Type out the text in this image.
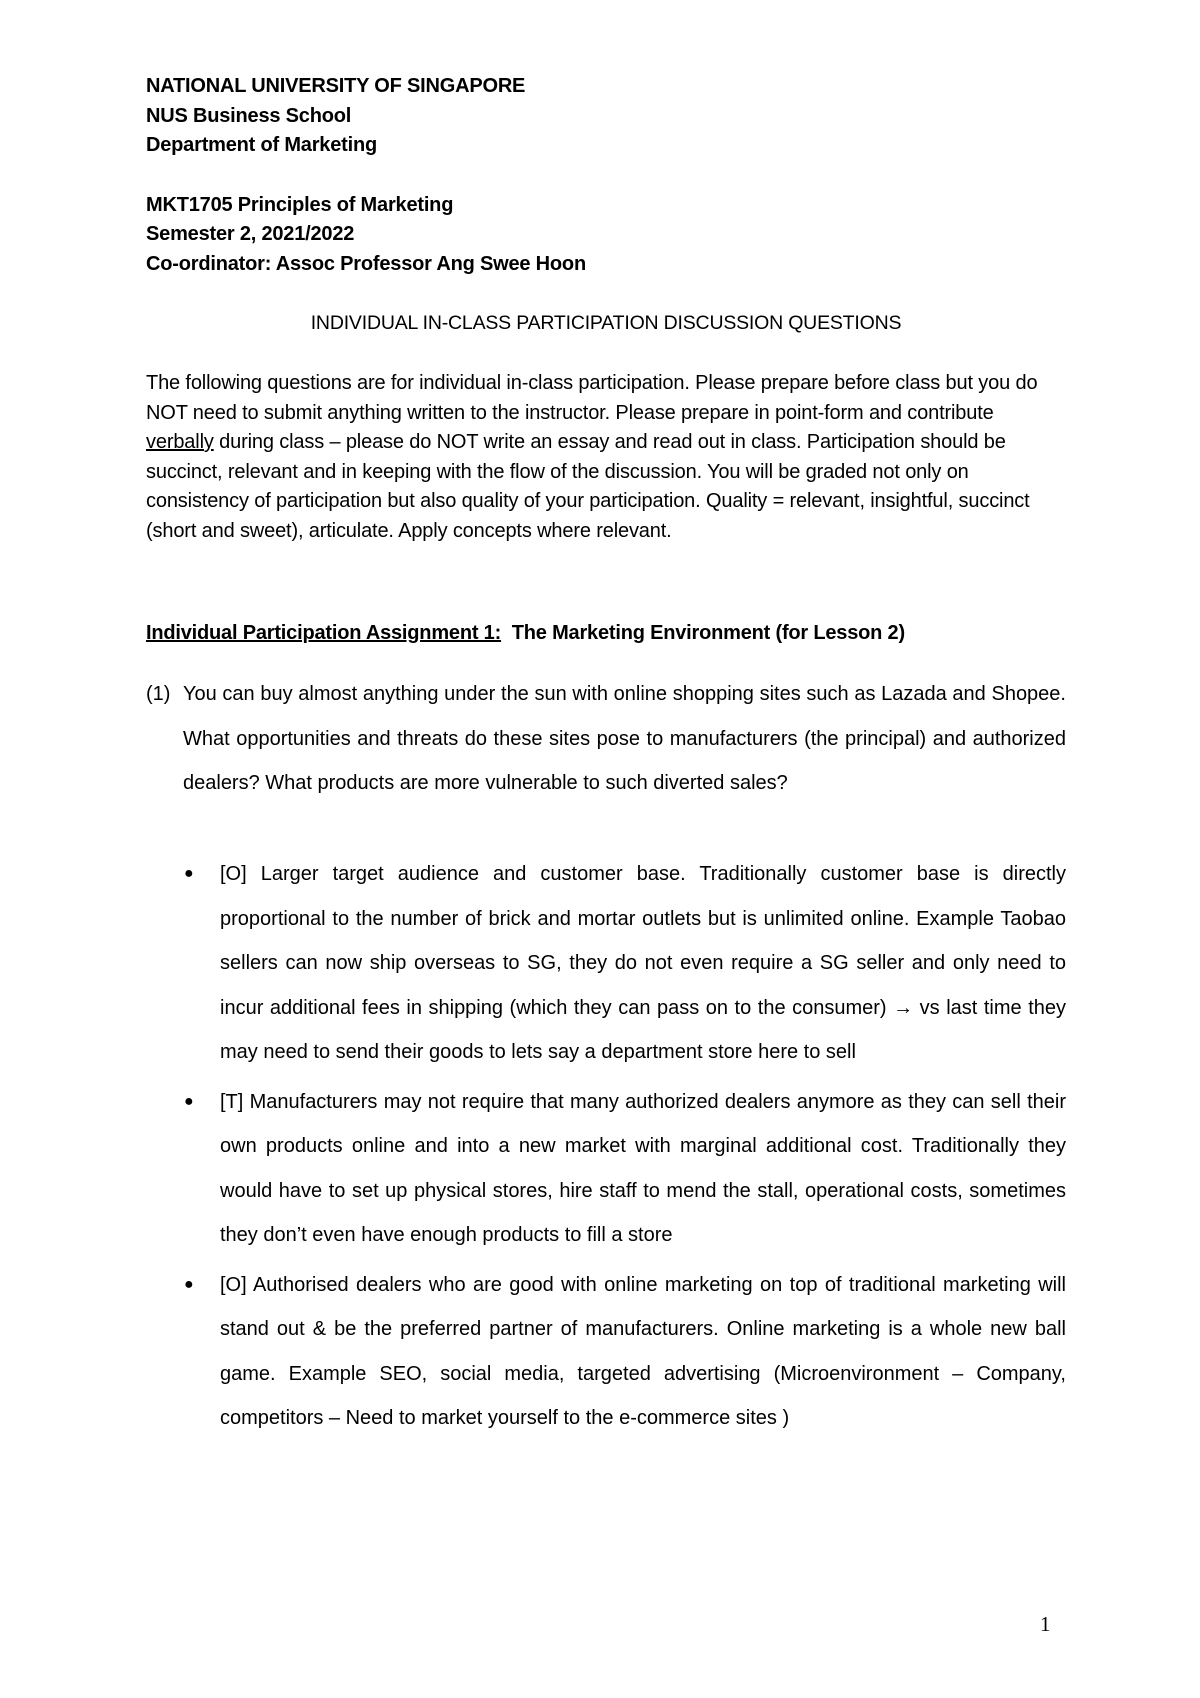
NATIONAL UNIVERSITY OF SINGAPORE
NUS Business School
Department of Marketing
MKT1705 Principles of Marketing
Semester 2, 2021/2022
Co-ordinator: Assoc Professor Ang Swee Hoon
INDIVIDUAL IN-CLASS PARTICIPATION DISCUSSION QUESTIONS
The following questions are for individual in-class participation. Please prepare before class but you do NOT need to submit anything written to the instructor. Please prepare in point-form and contribute verbally during class – please do NOT write an essay and read out in class. Participation should be succinct, relevant and in keeping with the flow of the discussion. You will be graded not only on consistency of participation but also quality of your participation. Quality = relevant, insightful, succinct (short and sweet), articulate. Apply concepts where relevant.
Individual Participation Assignment 1: The Marketing Environment (for Lesson 2)
(1) You can buy almost anything under the sun with online shopping sites such as Lazada and Shopee. What opportunities and threats do these sites pose to manufacturers (the principal) and authorized dealers? What products are more vulnerable to such diverted sales?
● [O] Larger target audience and customer base. Traditionally customer base is directly proportional to the number of brick and mortar outlets but is unlimited online. Example Taobao sellers can now ship overseas to SG, they do not even require a SG seller and only need to incur additional fees in shipping (which they can pass on to the consumer) → vs last time they may need to send their goods to lets say a department store here to sell
● [T] Manufacturers may not require that many authorized dealers anymore as they can sell their own products online and into a new market with marginal additional cost. Traditionally they would have to set up physical stores, hire staff to mend the stall, operational costs, sometimes they don’t even have enough products to fill a store
● [O] Authorised dealers who are good with online marketing on top of traditional marketing will stand out & be the preferred partner of manufacturers. Online marketing is a whole new ball game. Example SEO, social media, targeted advertising (Microenvironment – Company, competitors – Need to market yourself to the e-commerce sites )
1
